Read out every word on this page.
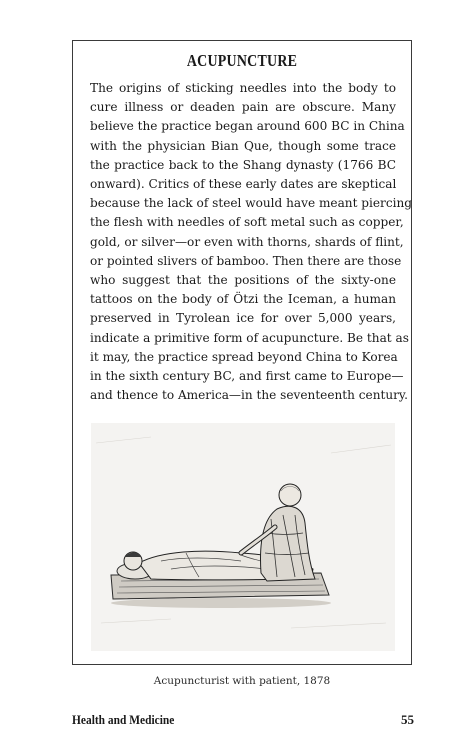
ACUPUNCTURE

The origins of sticking needles into the body to
cure illness or deaden pain are obscure. Many
believe the practice began around 600 BC in China
with the physician Bian Que, though some trace
the practice back to the Shang dynasty (1766 BC
onward). Critics of these early dates are skeptical
because the lack of steel would have meant piercing
the flesh with needles of soft metal such as copper,
gold, or silver—or even with thorns, shards of flint,
or pointed slivers of bamboo. Then there are those
who suggest that the positions of the sixty-one
tattoos on the body of Ötzi the Iceman, a human
preserved in Tyrolean ice for over 5,000 years,
indicate a primitive form of acupuncture. Be that as
it may, the practice spread beyond China to Korea
in the sixth century BC, and first came to Europe—
and thence to America—in the seventeenth century.

Acupuncturist with patient, 1878
Health and Medicine	55
